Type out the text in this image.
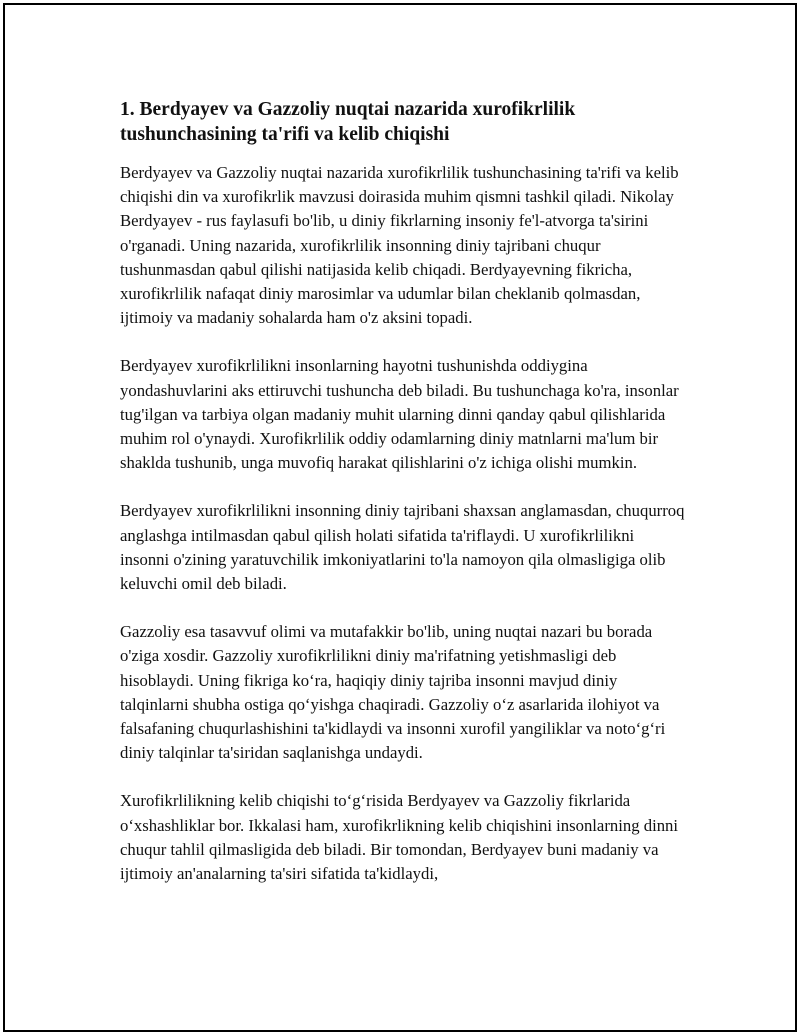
1. Berdyayev va Gazzoliy nuqtai nazarida xurofikrlilik tushunchasining ta'rifi va kelib chiqishi

Berdyayev va Gazzoliy nuqtai nazarida xurofikrlilik tushunchasining ta'rifi va kelib chiqishi din va xurofikrlik mavzusi doirasida muhim qismni tashkil qiladi. Nikolay Berdyayev - rus faylasufi bo'lib, u diniy fikrlarning insoniy fe'l-atvorga ta'sirini o'rganadi. Uning nazarida, xurofikrlilik insonning diniy tajribani chuqur tushunmasdan qabul qilishi natijasida kelib chiqadi. Berdyayevning fikricha, xurofikrlilik nafaqat diniy marosimlar va udumlar bilan cheklanib qolmasdan, ijtimoiy va madaniy sohalarda ham o'z aksini topadi.

Berdyayev xurofikrlilikni insonlarning hayotni tushunishda oddiygina yondashuvlarini aks ettiruvchi tushuncha deb biladi. Bu tushunchaga ko'ra, insonlar tug'ilgan va tarbiya olgan madaniy muhit ularning dinni qanday qabul qilishlarida muhim rol o'ynaydi. Xurofikrlilik oddiy odamlarning diniy matnlarni ma'lum bir shaklda tushunib, unga muvofiq harakat qilishlarini o'z ichiga olishi mumkin.

Berdyayev xurofikrlilikni insonning diniy tajribani shaxsan anglamasdan, chuqurroq anglashga intilmasdan qabul qilish holati sifatida ta'riflaydi. U xurofikrlilikni insonni o'zining yaratuvchilik imkoniyatlarini to'la namoyon qila olmasligiga olib keluvchi omil deb biladi.

Gazzoliy esa tasavvuf olimi va mutafakkir bo'lib, uning nuqtai nazari bu borada o'ziga xosdir. Gazzoliy xurofikrlilikni diniy ma'rifatning yetishmasligi deb hisoblaydi. Uning fikriga ko‘ra, haqiqiy diniy tajriba insonni mavjud diniy talqinlarni shubha ostiga qo‘yishga chaqiradi. Gazzoliy o‘z asarlarida ilohiyot va falsafaning chuqurlashishini ta'kidlaydi va insonni xurofil yangiliklar va noto‘g‘ri diniy talqinlar ta'siridan saqlanishga undaydi.

Xurofikrlilikning kelib chiqishi to‘g‘risida Berdyayev va Gazzoliy fikrlarida o‘xshashliklar bor. Ikkalasi ham, xurofikrlikning kelib chiqishini insonlarning dinni chuqur tahlil qilmasligida deb biladi. Bir tomondan, Berdyayev buni madaniy va ijtimoiy an'analarning ta'siri sifatida ta'kidlaydi,
